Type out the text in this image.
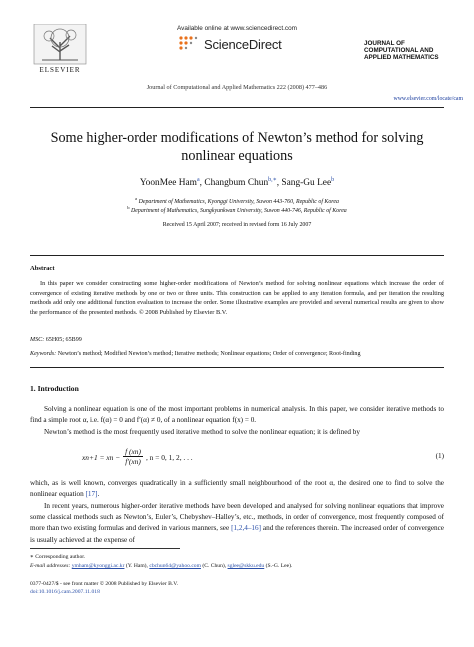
ELSEVIER
Available online at www.sciencedirect.com
ScienceDirect
Journal of Computational and Applied Mathematics 222 (2008) 477–486
JOURNAL OF
COMPUTATIONAL AND
APPLIED MATHEMATICS
www.elsevier.com/locate/cam
Some higher-order modifications of Newton’s method for solving
nonlinear equations
YoonMee Ham$^a$, Changbum Chun$^{b,∗}$, Sang-Gu Lee$^b$
$^a$ Department of Mathematics, Kyonggi University, Suwon 443-760, Republic of Korea
$^b$ Department of Mathematics, Sungkyunkwan University, Suwon 440-746, Republic of Korea
Received 15 April 2007; received in revised form 16 July 2007
Abstract
In this paper we consider constructing some higher-order modifications of Newton’s method for solving nonlinear equations which increase the order of convergence of existing iterative methods by one or two or three units. This construction can be applied to any iteration formula, and per iteration the resulting methods add only one additional function evaluation to increase the order. Some illustrative examples are provided and several numerical results are given to show the performance of the presented methods. © 2008 Published by Elsevier B.V.
MSC: 65H05; 65B99
Keywords: Newton’s method; Modified Newton’s method; Iterative methods; Nonlinear equations; Order of convergence; Root-finding
1. Introduction
Solving a nonlinear equation is one of the most important problems in numerical analysis. In this paper, we consider iterative methods to find a simple root α, i.e. f(α) = 0 and f′(α) ≠ 0, of a nonlinear equation f(x) = 0.
Newton’s method is the most frequently used iterative method to solve the nonlinear equation; it is defined by
xn+1 = xn − $\frac{f (xn)}{f'(xn)}$ , n = 0, 1, 2, . . .	(1)
which, as is well known, converges quadratically in a sufficiently small neighbourhood of the root α, the desired one to find to solve the nonlinear equation [17].
In recent years, numerous higher-order iterative methods have been developed and analysed for solving nonlinear equations that improve some classical methods such as Newton’s, Euler’s, Chebyshev–Halley’s, etc., methods, in order of convergence, most frequently composed of more than two existing formulas and derived in various manners, see [1,2,4–16] and the references therein. The increased order of convergence is usually achieved at the expense of
∗ Corresponding author.
E-mail addresses: ymham@kyonggi.ac.kr (Y. Ham), cbchun64@yahoo.com (C. Chun), sglee@skku.edu (S.-G. Lee).
0377-0427/$ - see front matter © 2008 Published by Elsevier B.V.
doi:10.1016/j.cam.2007.11.018
